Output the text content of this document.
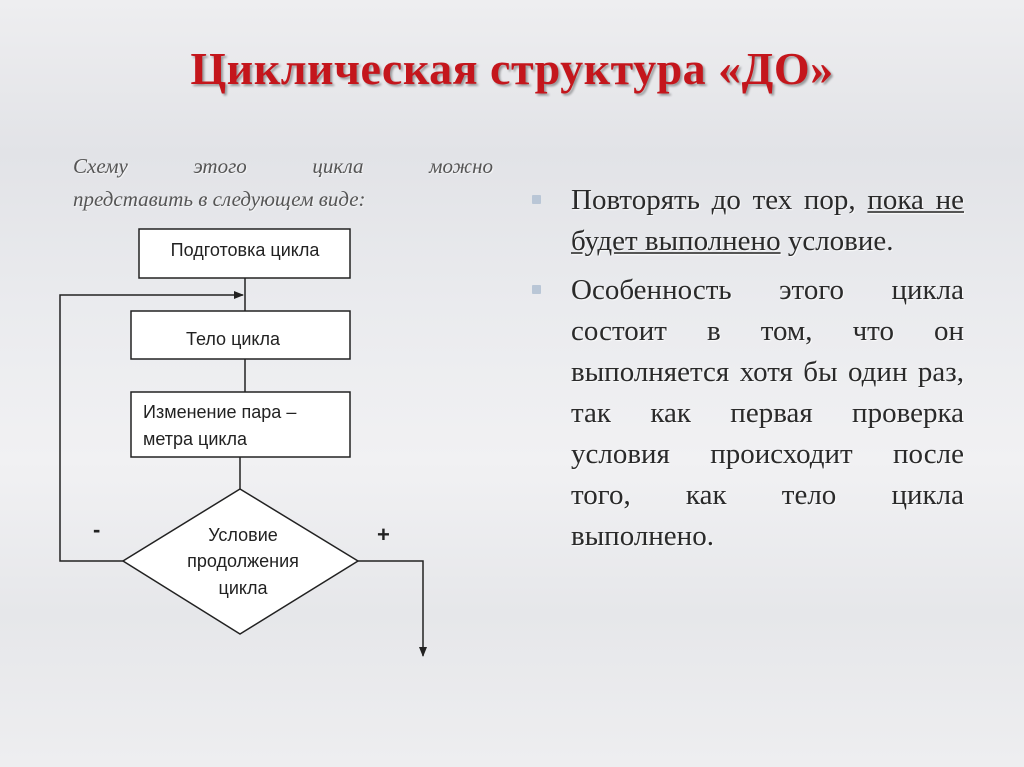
Циклическая структура «ДО»
Схему	этого	цикла	можно
представить в следующем виде:
Подготовка цикла
Тело цикла
Изменение пара –
метра цикла
Условие
продолжения
цикла
-	+
Повторять до тех пор, пока не будет выполнено условие.
Особенность этого цикла состоит в том, что он выполняется хотя бы один раз, так как первая проверка условия происходит после того, как тело цикла выполнено.
